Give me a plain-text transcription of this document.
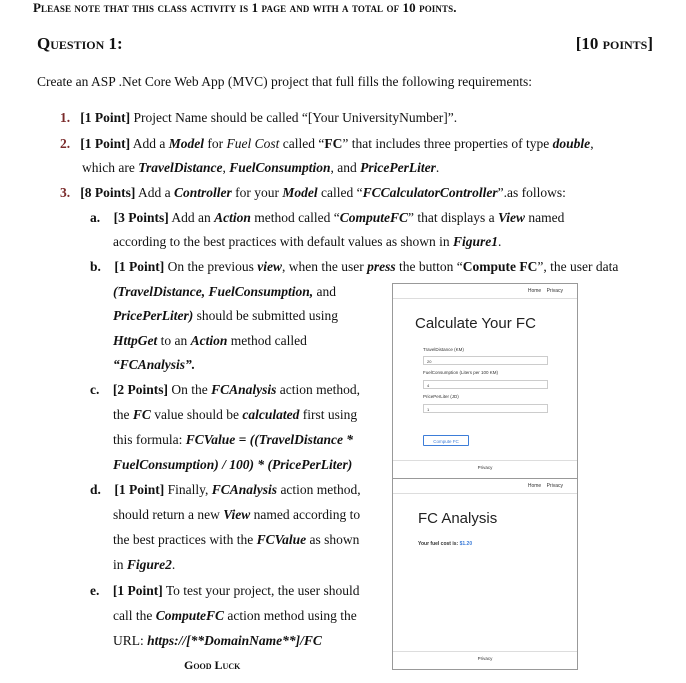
Please note that this class activity is 1 page and with a total of 10 points.
Question 1:	[10 points]
Create an ASP .Net Core Web App (MVC) project that full fills the following requirements:
1. [1 Point] Project Name should be called “[Your UniversityNumber]”.
2. [1 Point] Add a Model for Fuel Cost called “FC” that includes three properties of type double,
which are TravelDistance, FuelConsumption, and PricePerLiter.
3. [8 Points] Add a Controller for your Model called “FCCalculatorController”.as follows:
a. [3 Points] Add an Action method called “ComputeFC” that displays a View named
according to the best practices with default values as shown in Figure1.
b. [1 Point] On the previous view, when the user press the button “Compute FC”, the user data
(TravelDistance, FuelConsumption, and
PricePerLiter) should be submitted using
HttpGet to an Action method called
“FCAnalysis”.
c. [2 Points] On the FCAnalysis action method,
the FC value should be calculated first using
this formula: FCValue = ((TravelDistance *
FuelConsumption) / 100) * (PricePerLiter)
d. [1 Point] Finally, FCAnalysis action method,
should return a new View named according to
the best practices with the FCValue as shown
in Figure2.
e. [1 Point] To test your project, the user should
call the ComputeFC action method using the
URL: https://[**DomainName**]/FC
Good Luck
Home Privacy
Calculate Your FC
TravelDistance (KM)
20
FuelConsumption (Liters per 100 KM)
4
PricePerLiter (JD)
1
Compute FC
Privacy
Home Privacy
FC Analysis
Your fuel cost is: $1.20
Privacy
